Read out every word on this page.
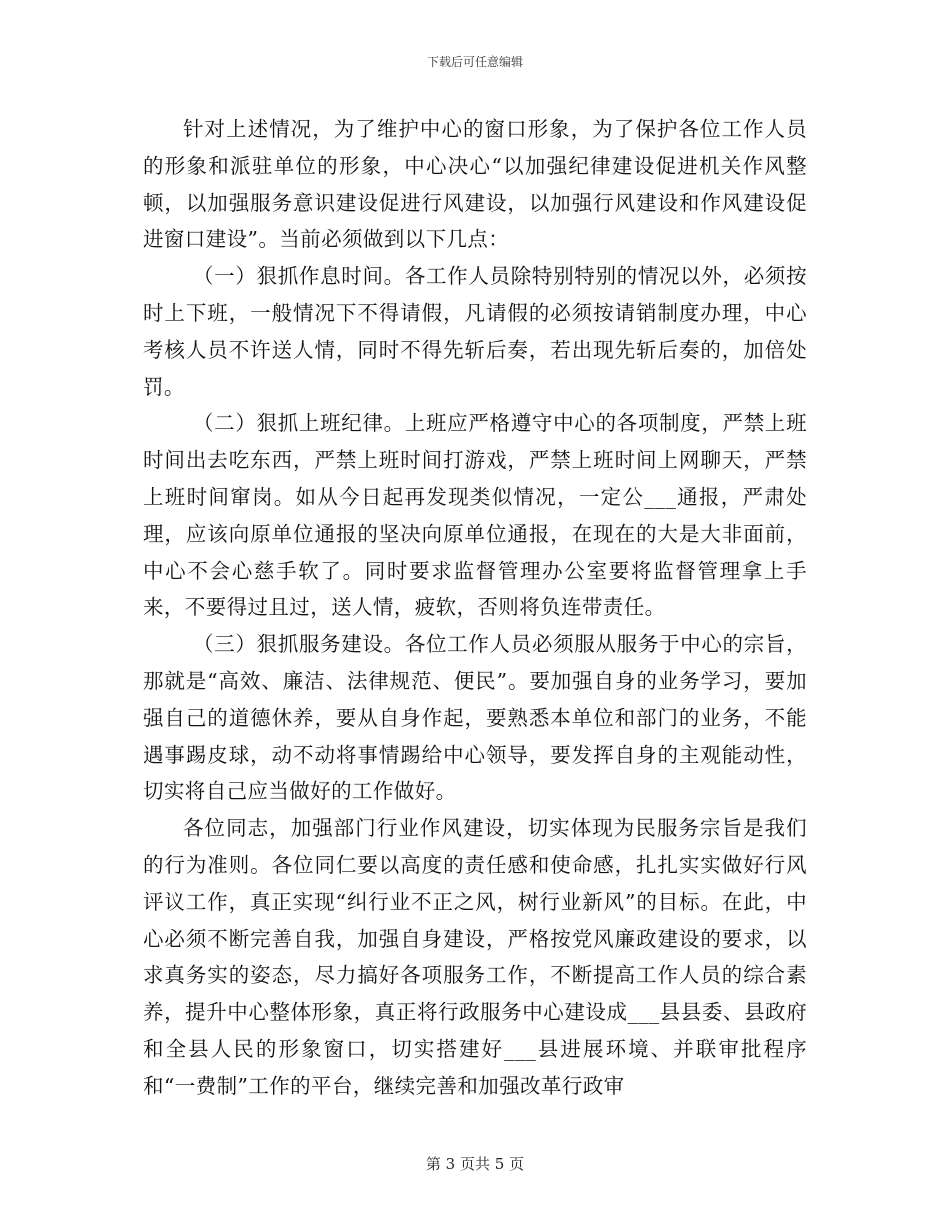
下载后可任意编辑

针对上述情况，为了维护中心的窗口形象，为了保护各位工作人员的形象和派驻单位的形象，中心决心“以加强纪律建设促进机关作风整顿，以加强服务意识建设促进行风建设，以加强行风建设和作风建设促进窗口建设”。当前必须做到以下几点：

（一）狠抓作息时间。各工作人员除特别特别的情况以外，必须按时上下班，一般情况下不得请假，凡请假的必须按请销制度办理，中心考核人员不许送人情，同时不得先斩后奏，若出现先斩后奏的，加倍处罚。

（二）狠抓上班纪律。上班应严格遵守中心的各项制度，严禁上班时间出去吃东西，严禁上班时间打游戏，严禁上班时间上网聊天，严禁上班时间窜岗。如从今日起再发现类似情况，一定公___通报，严肃处理，应该向原单位通报的坚决向原单位通报，在现在的大是大非面前，中心不会心慈手软了。同时要求监督管理办公室要将监督管理拿上手来，不要得过且过，送人情，疲软，否则将负连带责任。

（三）狠抓服务建设。各位工作人员必须服从服务于中心的宗旨，那就是“高效、廉洁、法律规范、便民”。要加强自身的业务学习，要加强自己的道德休养，要从自身作起，要熟悉本单位和部门的业务，不能遇事踢皮球，动不动将事情踢给中心领导，要发挥自身的主观能动性，切实将自己应当做好的工作做好。

各位同志，加强部门行业作风建设，切实体现为民服务宗旨是我们的行为准则。各位同仁要以高度的责任感和使命感，扎扎实实做好行风评议工作，真正实现“纠行业不正之风，树行业新风”的目标。在此，中心必须不断完善自我，加强自身建设，严格按党风廉政建设的要求，以求真务实的姿态，尽力搞好各项服务工作，不断提高工作人员的综合素养，提升中心整体形象，真正将行政服务中心建设成___县县委、县政府和全县人民的形象窗口，切实搭建好___县进展环境、并联审批程序和“一费制”工作的平台，继续完善和加强改革行政审

第 3 页共 5 页
